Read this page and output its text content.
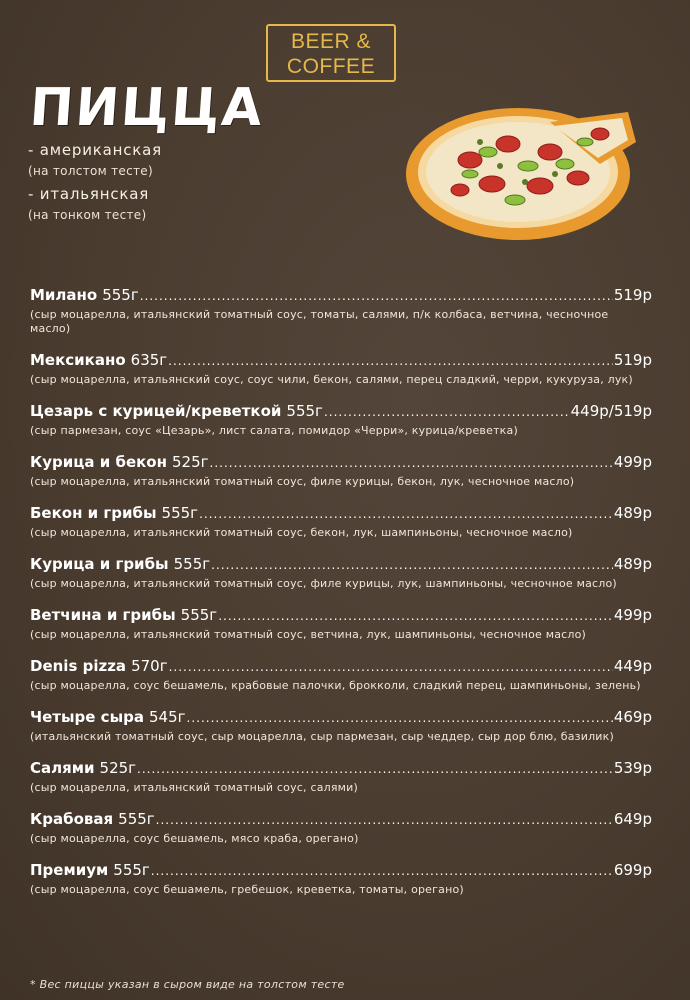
BEER &
COFFEE
ПИЦЦА
- американская
(на толстом тесте)
- итальянская
(на тонком тесте)
Милано 555г .....	519р
(сыр моцарелла, итальянский томатный соус, томаты, салями, п/к колбаса, ветчина, чесночное масло)
Мексикано 635г .....	519р
(сыр моцарелла, итальянский соус, соус чили, бекон, салями, перец сладкий, черри, кукуруза, лук)
Цезарь с курицей/креветкой 555г .....	449р/519р
(сыр пармезан, соус «Цезарь», лист салата, помидор «Черри», курица/креветка)
Курица и бекон 525г .....	499р
(сыр моцарелла, итальянский томатный соус, филе курицы, бекон, лук, чесночное масло)
Бекон и грибы 555г .....	489р
(сыр моцарелла, итальянский томатный соус, бекон, лук, шампиньоны, чесночное масло)
Курица и грибы 555г .....	489р
(сыр моцарелла, итальянский томатный соус, филе курицы, лук, шампиньоны, чесночное масло)
Ветчина и грибы 555г .....	499р
(сыр моцарелла, итальянский томатный соус, ветчина, лук, шампиньоны, чесночное масло)
Denis pizza 570г .....	449р
(сыр моцарелла, соус бешамель, крабовые палочки, брокколи, сладкий перец, шампиньоны, зелень)
Четыре сыра 545г .....	469р
(итальянский томатный соус, сыр моцарелла, сыр пармезан, сыр чеддер, сыр дор блю, базилик)
Салями 525г .....	539р
(сыр моцарелла, итальянский томатный соус, салями)
Крабовая 555г .....	649р
(сыр моцарелла, соус бешамель, мясо краба, орегано)
Премиум 555г .....	699р
(сыр моцарелла, соус бешамель, гребешок, креветка, томаты, орегано)
* Вес пиццы указан в сыром виде на толстом тесте
